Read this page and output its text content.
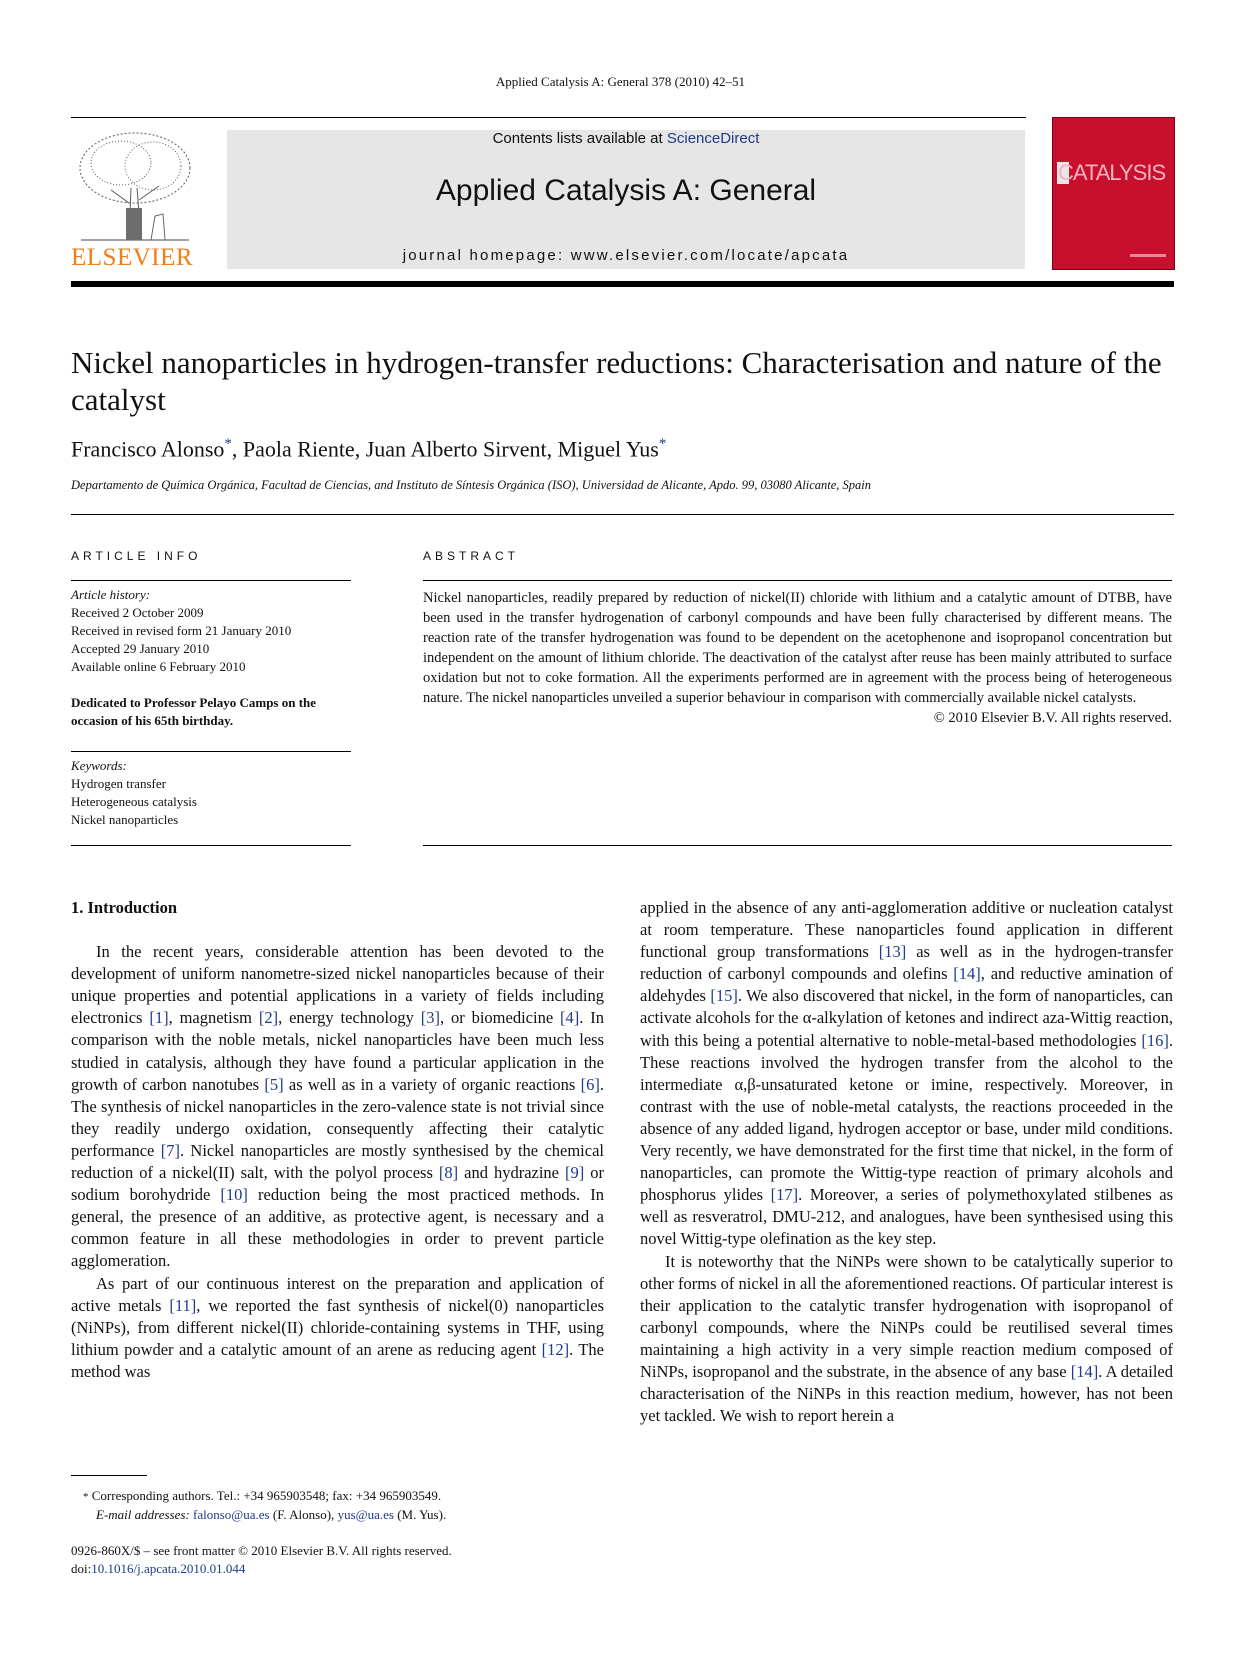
Applied Catalysis A: General 378 (2010) 42–51
ELSEVIER
Contents lists available at ScienceDirect
Applied Catalysis A: General
journal homepage: www.elsevier.com/locate/apcata
CATALYSIS
Nickel nanoparticles in hydrogen-transfer reductions: Characterisation and nature of the catalyst
Francisco Alonso*, Paola Riente, Juan Alberto Sirvent, Miguel Yus*
Departamento de Química Orgánica, Facultad de Ciencias, and Instituto de Síntesis Orgánica (ISO), Universidad de Alicante, Apdo. 99, 03080 Alicante, Spain
ARTICLE INFO
Article history:
Received 2 October 2009
Received in revised form 21 January 2010
Accepted 29 January 2010
Available online 6 February 2010
Dedicated to Professor Pelayo Camps on the occasion of his 65th birthday.
Keywords:
Hydrogen transfer
Heterogeneous catalysis
Nickel nanoparticles
ABSTRACT
Nickel nanoparticles, readily prepared by reduction of nickel(II) chloride with lithium and a catalytic amount of DTBB, have been used in the transfer hydrogenation of carbonyl compounds and have been fully characterised by different means. The reaction rate of the transfer hydrogenation was found to be dependent on the acetophenone and isopropanol concentration but independent on the amount of lithium chloride. The deactivation of the catalyst after reuse has been mainly attributed to surface oxidation but not to coke formation. All the experiments performed are in agreement with the process being of heterogeneous nature. The nickel nanoparticles unveiled a superior behaviour in comparison with commercially available nickel catalysts.
© 2010 Elsevier B.V. All rights reserved.
1. Introduction

In the recent years, considerable attention has been devoted to the development of uniform nanometre-sized nickel nanoparticles because of their unique properties and potential applications in a variety of fields including electronics [1], magnetism [2], energy technology [3], or biomedicine [4]. In comparison with the noble metals, nickel nanoparticles have been much less studied in catalysis, although they have found a particular application in the growth of carbon nanotubes [5] as well as in a variety of organic reactions [6]. The synthesis of nickel nanoparticles in the zero-valence state is not trivial since they readily undergo oxidation, consequently affecting their catalytic performance [7]. Nickel nanoparticles are mostly synthesised by the chemical reduction of a nickel(II) salt, with the polyol process [8] and hydrazine [9] or sodium borohydride [10] reduction being the most practiced methods. In general, the presence of an additive, as protective agent, is necessary and a common feature in all these methodologies in order to prevent particle agglomeration.

As part of our continuous interest on the preparation and application of active metals [11], we reported the fast synthesis of nickel(0) nanoparticles (NiNPs), from different nickel(II) chloride-containing systems in THF, using lithium powder and a catalytic amount of an arene as reducing agent [12]. The method was

applied in the absence of any anti-agglomeration additive or nucleation catalyst at room temperature. These nanoparticles found application in different functional group transformations [13] as well as in the hydrogen-transfer reduction of carbonyl compounds and olefins [14], and reductive amination of aldehydes [15]. We also discovered that nickel, in the form of nanoparticles, can activate alcohols for the α-alkylation of ketones and indirect aza-Wittig reaction, with this being a potential alternative to noble-metal-based methodologies [16]. These reactions involved the hydrogen transfer from the alcohol to the intermediate α,β-unsaturated ketone or imine, respectively. Moreover, in contrast with the use of noble-metal catalysts, the reactions proceeded in the absence of any added ligand, hydrogen acceptor or base, under mild conditions. Very recently, we have demonstrated for the first time that nickel, in the form of nanoparticles, can promote the Wittig-type reaction of primary alcohols and phosphorus ylides [17]. Moreover, a series of polymethoxylated stilbenes as well as resveratrol, DMU-212, and analogues, have been synthesised using this novel Wittig-type olefination as the key step.

It is noteworthy that the NiNPs were shown to be catalytically superior to other forms of nickel in all the aforementioned reactions. Of particular interest is their application to the catalytic transfer hydrogenation with isopropanol of carbonyl compounds, where the NiNPs could be reutilised several times maintaining a high activity in a very simple reaction medium composed of NiNPs, isopropanol and the substrate, in the absence of any base [14]. A detailed characterisation of the NiNPs in this reaction medium, however, has not been yet tackled. We wish to report herein a

* Corresponding authors. Tel.: +34 965903548; fax: +34 965903549.
E-mail addresses: falonso@ua.es (F. Alonso), yus@ua.es (M. Yus).
0926-860X/$ – see front matter © 2010 Elsevier B.V. All rights reserved.
doi:10.1016/j.apcata.2010.01.044
